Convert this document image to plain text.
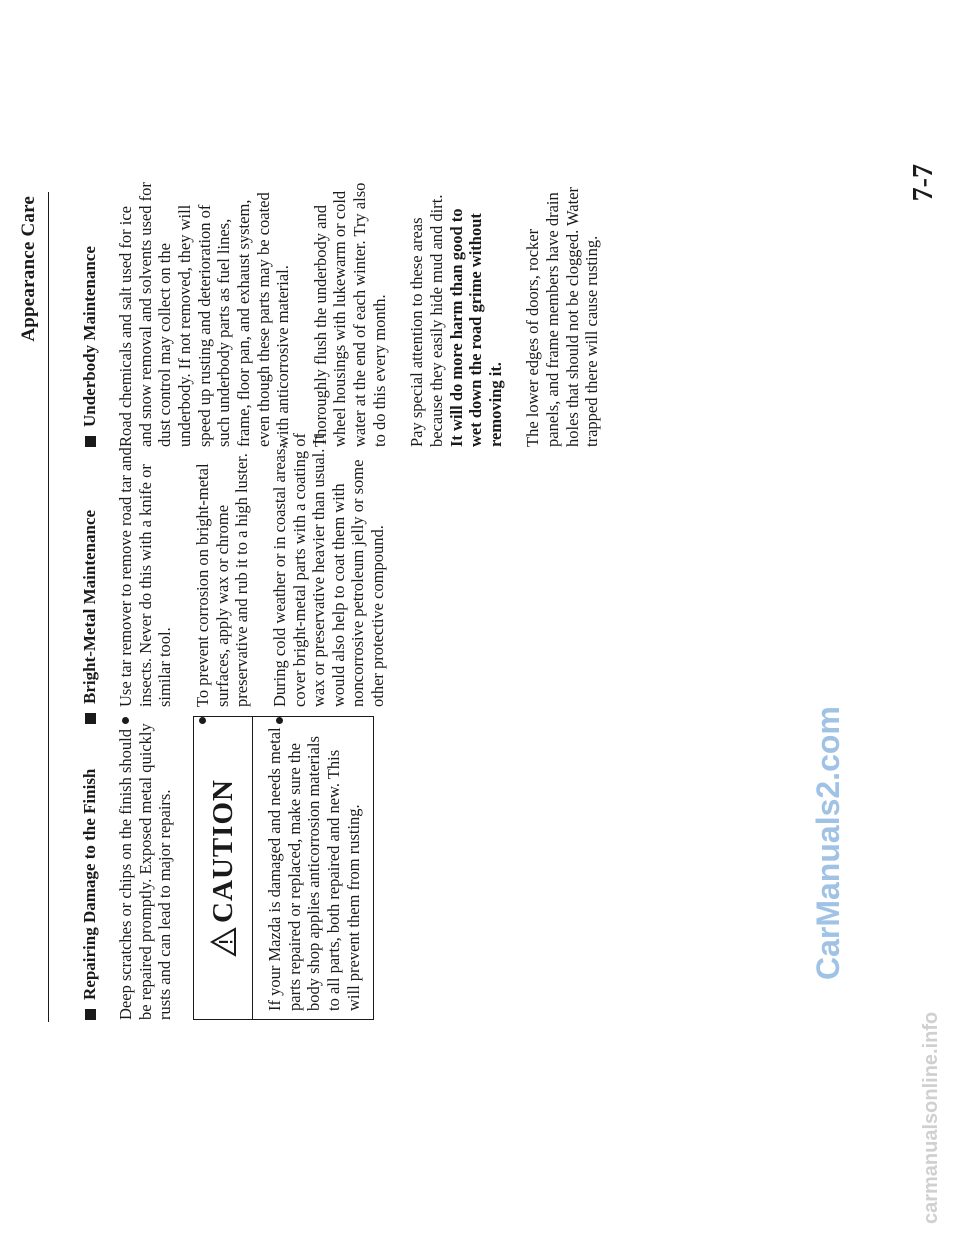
Appearance Care
Repairing Damage to the Finish Deep scratches or chips on the finish should be repaired promptly. Exposed metal quickly rusts and can lead to major repairs. CAUTION	If your Mazda is damaged and needs metal parts repaired or replaced, make sure the body shop applies anticorrosion materials to all parts, both repaired and new. This will prevent them from rusting.
Bright-Metal Maintenance Use tar remover to remove road tar and insects. Never do this with a knife or similar tool. To prevent corrosion on bright-metal surfaces, apply wax or chrome preservative and rub it to a high luster. During cold weather or in coastal areas, cover bright-metal parts with a coating of wax or preservative heavier than usual. It would also help to coat them with noncorrosive petroleum jelly or some other protective compound.
Underbody Maintenance Road chemicals and salt used for ice and snow removal and solvents used for dust control may collect on the underbody. If not removed, they will speed up rusting and deterioration of such underbody parts as fuel lines, frame, floor pan, and exhaust system, even though these parts may be coated with anticorrosive material. Thoroughly flush the underbody and wheel housings with lukewarm or cold water at the end of each winter. Try also to do this every month. Pay special attention to these areas because they easily hide mud and dirt. It will do more harm than good to wet down the road grime without removing it. The lower edges of doors, rocker panels, and frame members have drain holes that should not be clogged. Water trapped there will cause rusting.

7-7
CarManuals2.com
carmanualsonline.info
